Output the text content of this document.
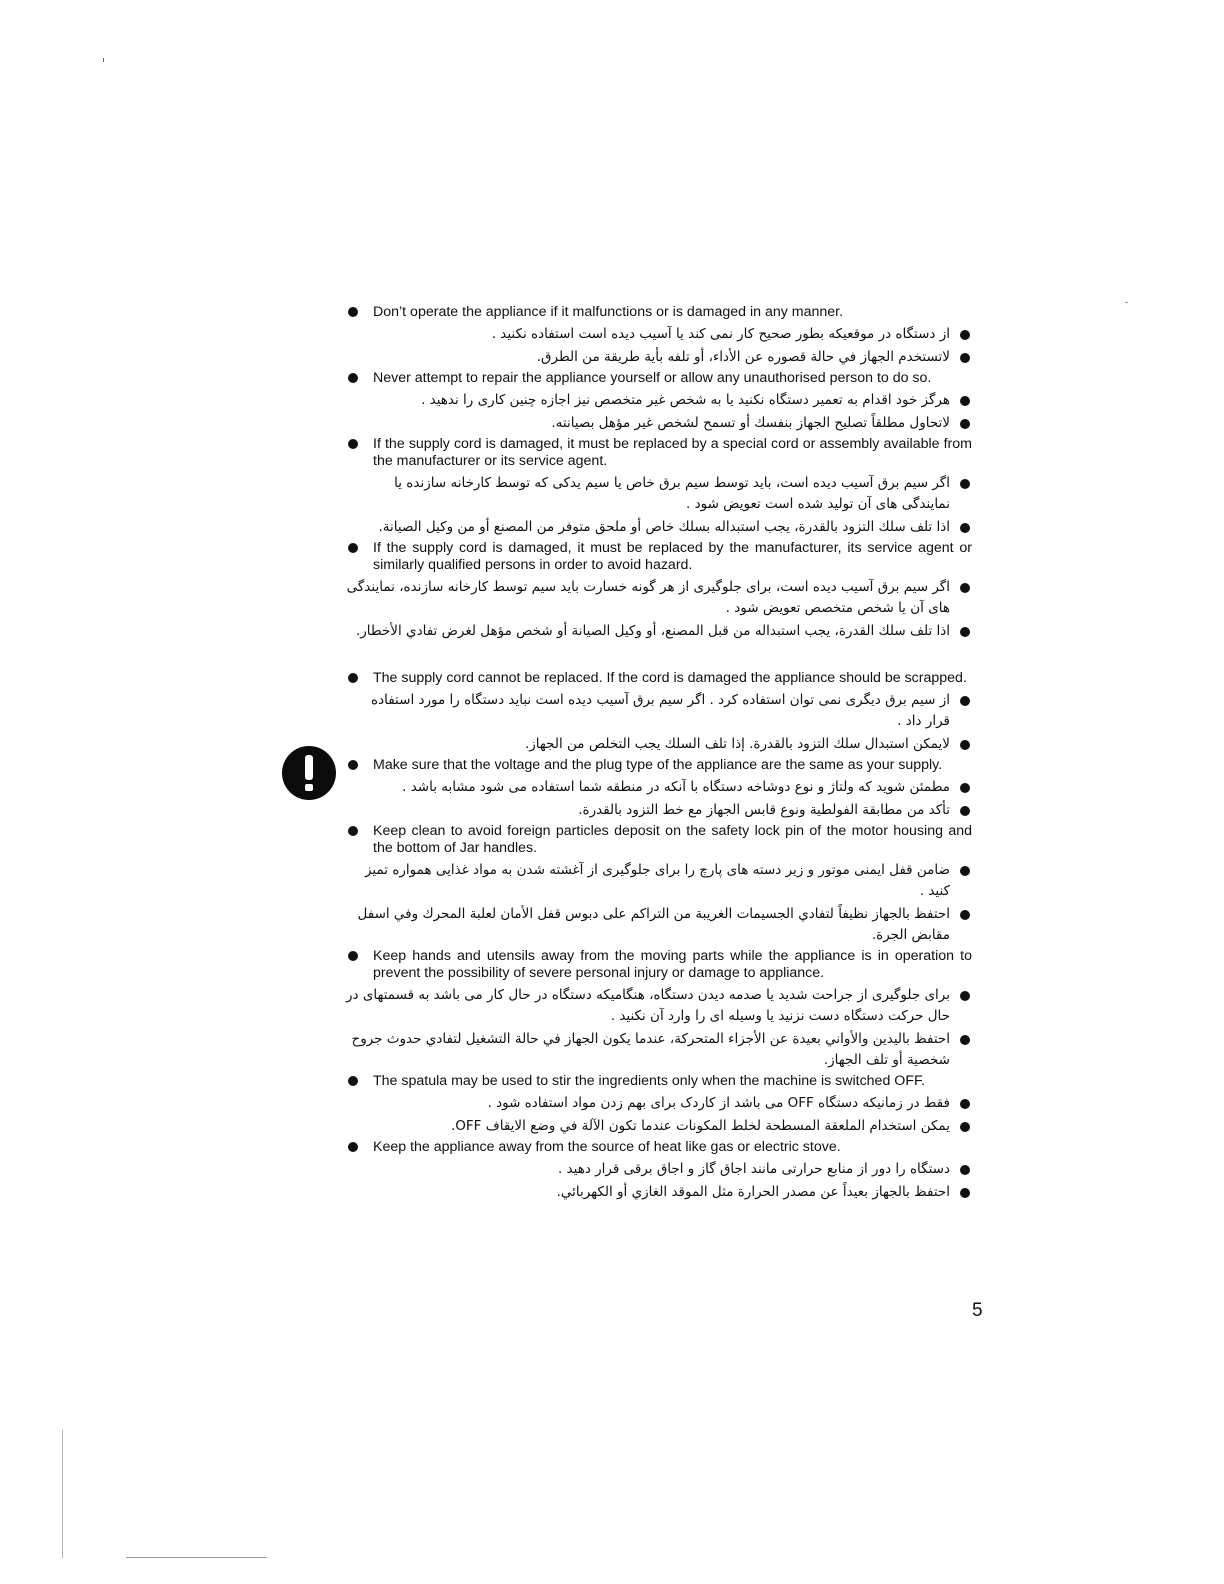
Don’t operate the appliance if it malfunctions or is damaged in any manner.
از دستگاه در موقعیکه بطور صحیح کار نمی کند یا آسیب دیده است استفاده نکنید .
لاتستخدم الجهاز في حالة قصوره عن الأداء، أو تلفه بأية طريقة من الطرق.
Never attempt to repair the appliance yourself or allow any unauthorised person to do so.
هرگز خود اقدام به تعمیر دستگاه نکنید یا به شخص غیر متخصص نیز اجازه چنین کاری را ندهید .
لاتحاول مطلقاً تصليح الجهاز بنفسك أو تسمح لشخص غير مؤهل بصيانته.
If the supply cord is damaged, it must be replaced by a special cord or assembly available from the manufacturer or its service agent.
اگر سیم برق آسیب دیده است، باید توسط سیم برق خاص یا سیم یدکی که توسط کارخانه سازنده یا نمایندگی های آن تولید شده است تعویض شود .
اذا تلف سلك التزود بالقدرة، يجب استبداله بسلك خاص أو ملحق متوفر من المصنع أو من وكيل الصيانة.
If the supply cord is damaged, it must be replaced by the manufacturer, its service agent or similarly qualified persons in order to avoid hazard.
اگر سیم برق آسیب دیده است، برای جلوگیری از هر گونه خسارت باید سیم توسط کارخانه سازنده، نمایندگی های آن یا شخص متخصص تعویض شود .
اذا تلف سلك القدرة، يجب استبداله من قبل المصنع، أو وكيل الصيانة أو شخص مؤهل لغرض تفادي الأخطار.
The supply cord cannot be replaced. If the cord is damaged the appliance should be scrapped.
از سیم برق دیگری نمی توان استفاده کرد . اگر سیم برق آسیب دیده است نباید دستگاه را مورد استفاده قرار داد .
لايمكن استبدال سلك التزود بالقدرة. إذا تلف السلك يجب التخلص من الجهاز.
Make sure that the voltage and the plug type of the appliance are the same as your supply.
مطمئن شوید که ولتاژ و نوع دوشاخه دستگاه با آنکه در منطقه شما استفاده می شود مشابه باشد .
تأكد من مطابقة الفولطية ونوع قابس الجهاز مع خط التزود بالقدرة.
Keep clean to avoid foreign particles deposit on the safety lock pin of the motor housing and the bottom of Jar handles.
ضامن قفل ایمنی موتور و زیر دسته های پارچ را برای جلوگیری از آغشته شدن به مواد غذایی همواره تمیز کنید .
احتفظ بالجهاز نظيفاً لتفادي الجسيمات الغريبة من التراكم على دبوس قفل الأمان لعلبة المحرك وفي اسفل مقابض الجرة.
Keep hands and utensils away from the moving parts while the appliance is in operation to prevent the possibility of severe personal injury or damage to appliance.
برای جلوگیری از جراحت شدید یا صدمه دیدن دستگاه، هنگامیکه دستگاه در حال کار می باشد به قسمتهای در حال حرکت دستگاه دست نزنید یا وسیله ای را وارد آن نکنید .
احتفظ باليدين والأواني بعيدة عن الأجزاء المتحركة، عندما يكون الجهاز في حالة التشغيل لتفادي حدوث جروح شخصية أو تلف الجهاز.
The spatula may be used to stir the ingredients only when the machine is switched OFF.
فقط در زمانیکه دستگاه OFF می باشد از کاردک برای بهم زدن مواد استفاده شود .
يمكن استخدام الملعقة المسطحة لخلط المكونات عندما تكون الآلة في وضع الايقاف OFF.
Keep the appliance away from the source of heat like gas or electric stove.
دستگاه را دور از منابع حرارتی مانند اجاق گاز و اجاق برقی قرار دهید .
احتفظ بالجهاز بعيداً عن مصدر الحرارة مثل الموقد الغازي أو الكهربائي.
5
